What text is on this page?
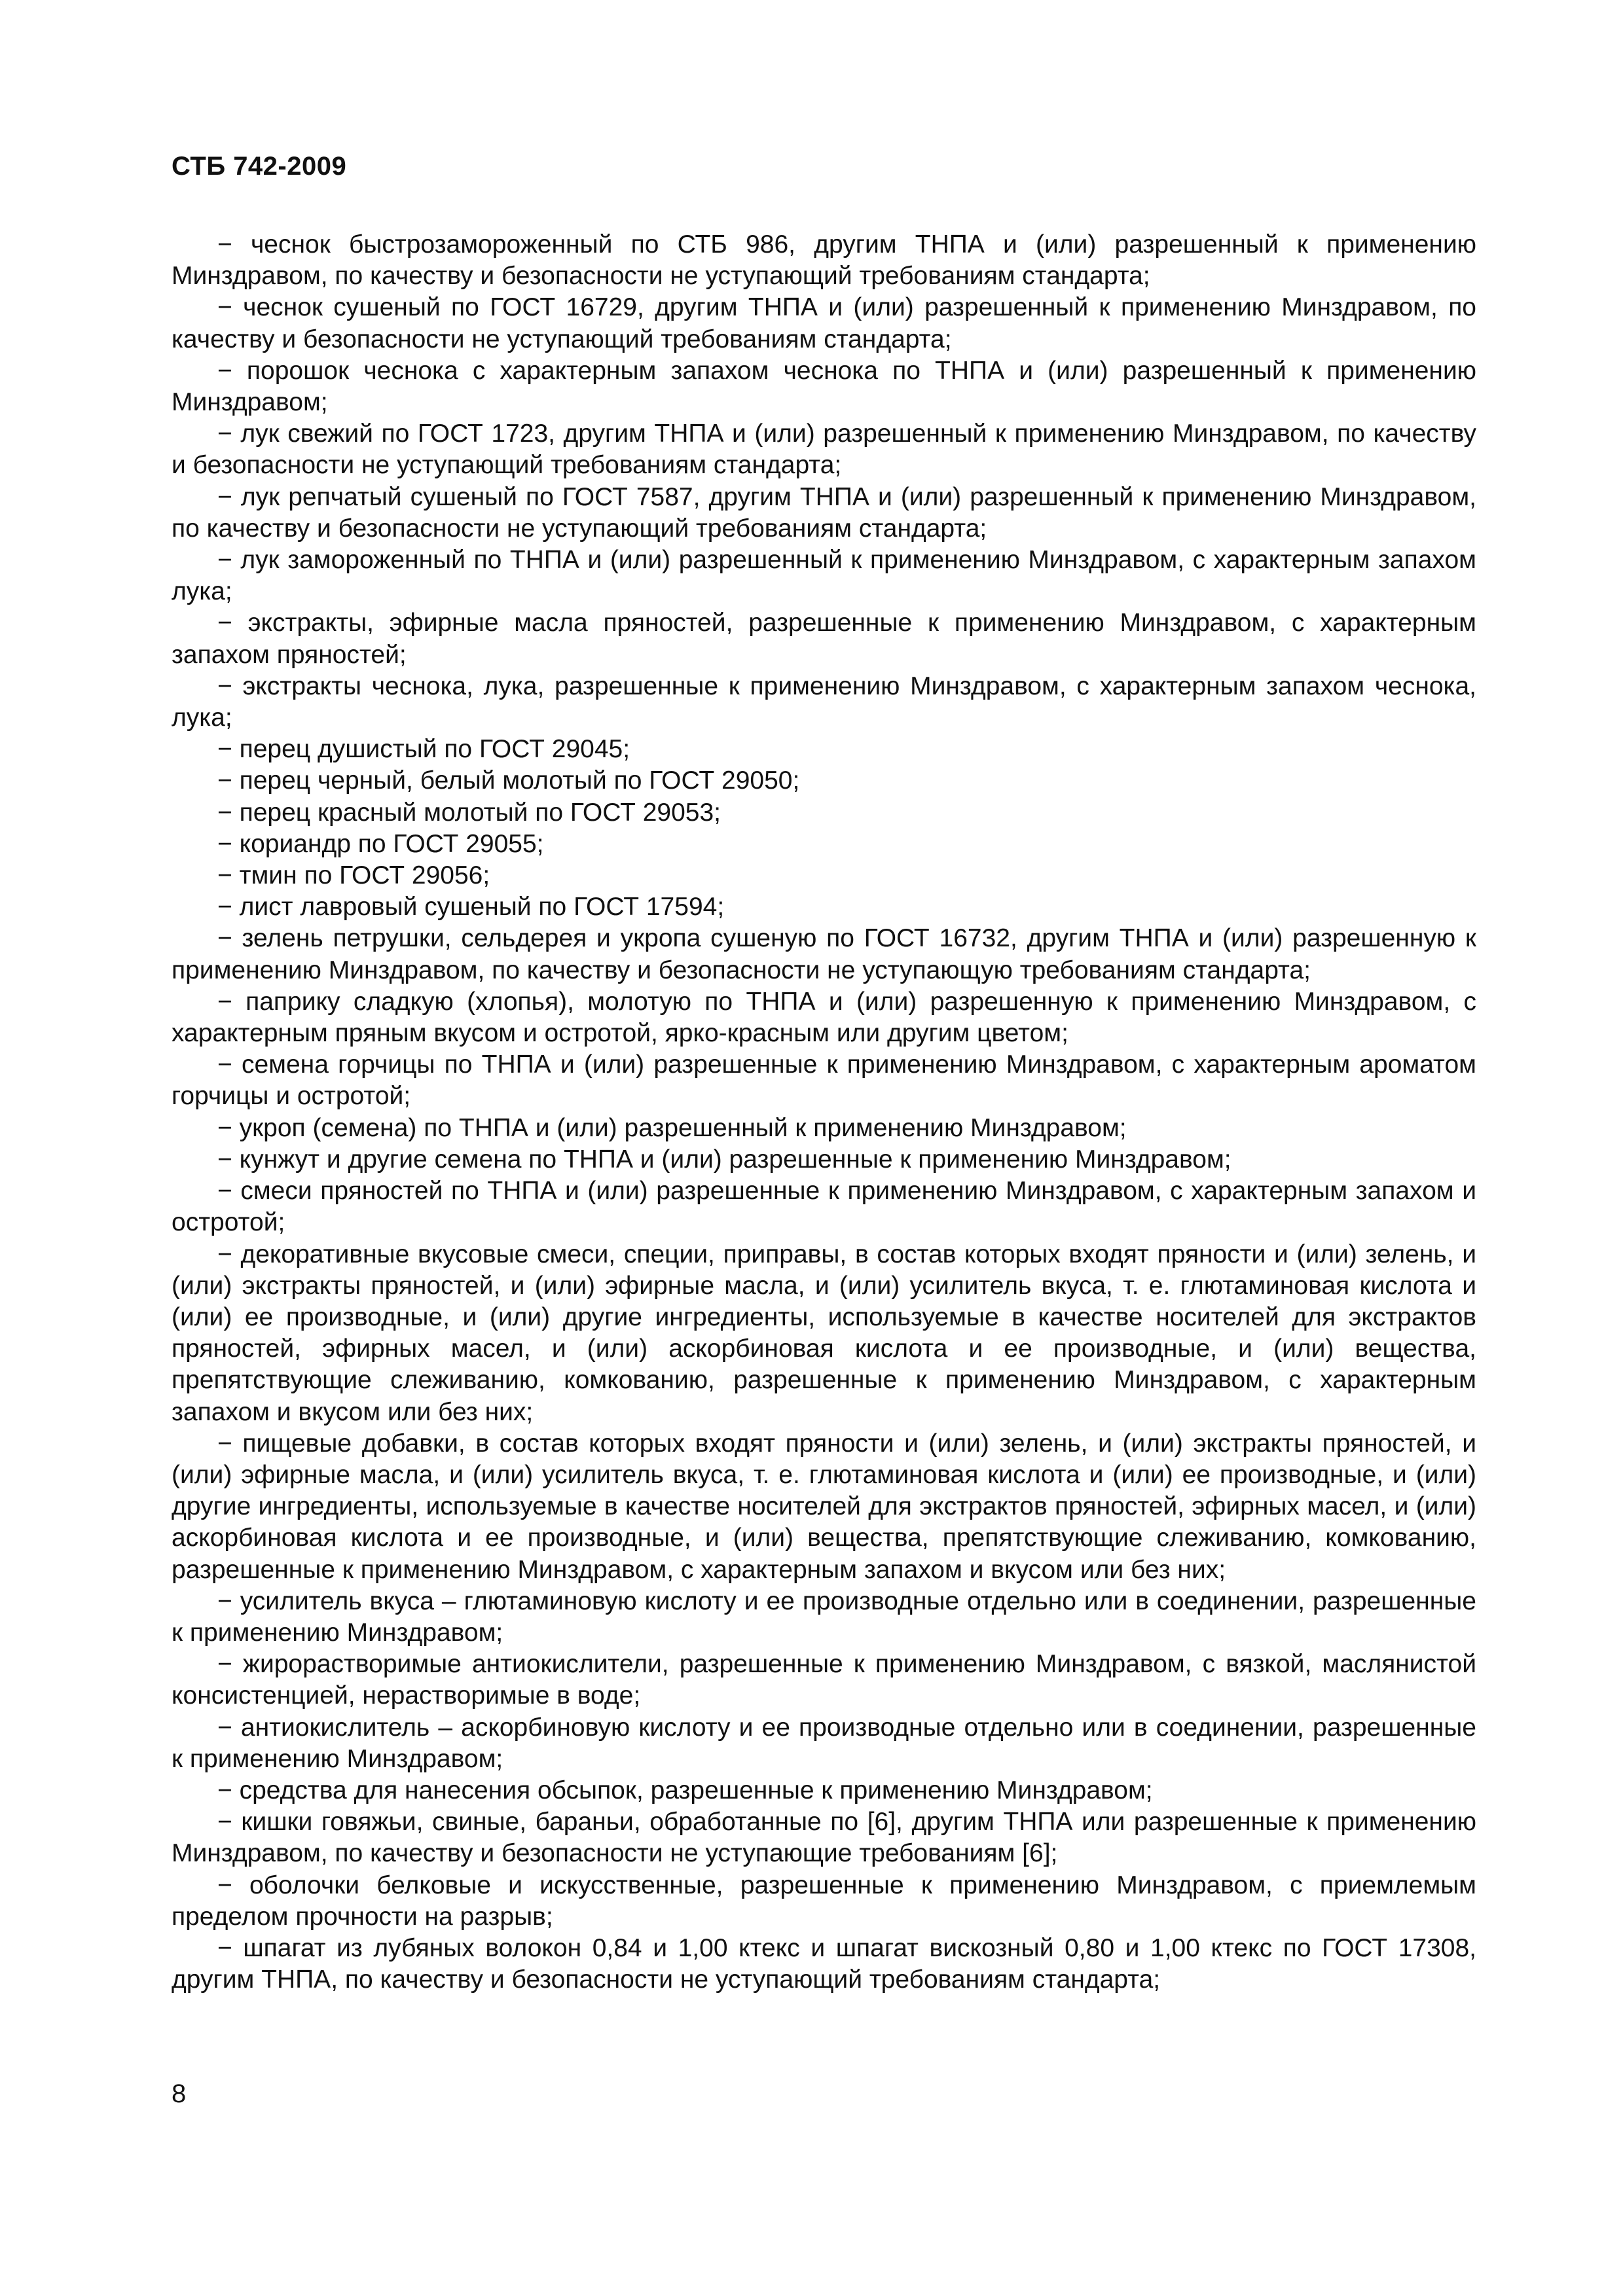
СТБ 742-2009

− чеснок быстрозамороженный по СТБ 986, другим ТНПА и (или) разрешенный к применению Минздравом, по качеству и безопасности не уступающий требованиям стандарта;

− чеснок сушеный по ГОСТ 16729, другим ТНПА и (или) разрешенный к применению Минздравом, по качеству и безопасности не уступающий требованиям стандарта;

− порошок чеснока с характерным запахом чеснока по ТНПА и (или) разрешенный к применению Минздравом;

− лук свежий по ГОСТ 1723, другим ТНПА и (или) разрешенный к применению Минздравом, по качеству и безопасности не уступающий требованиям стандарта;

− лук репчатый сушеный по ГОСТ 7587, другим ТНПА и (или) разрешенный к применению Минздравом, по качеству и безопасности не уступающий требованиям стандарта;

− лук замороженный по ТНПА и (или) разрешенный к применению Минздравом, с характерным запахом лука;

− экстракты, эфирные масла пряностей, разрешенные к применению Минздравом, с характерным запахом пряностей;

− экстракты чеснока, лука, разрешенные к применению Минздравом, с характерным запахом чеснока, лука;

− перец душистый по ГОСТ 29045;

− перец черный, белый молотый по ГОСТ 29050;

− перец красный молотый по ГОСТ 29053;

− кориандр по ГОСТ 29055;

− тмин по ГОСТ 29056;

− лист лавровый сушеный по ГОСТ 17594;

− зелень петрушки, сельдерея и укропа сушеную по ГОСТ 16732, другим ТНПА и (или) разрешенную к применению Минздравом, по качеству и безопасности не уступающую требованиям стандарта;

− паприку сладкую (хлопья), молотую по ТНПА и (или) разрешенную к применению Минздравом, с характерным пряным вкусом и остротой, ярко-красным или другим цветом;

− семена горчицы по ТНПА и (или) разрешенные к применению Минздравом, с характерным ароматом горчицы и остротой;

− укроп (семена) по ТНПА и (или) разрешенный к применению Минздравом;

− кунжут и другие семена по ТНПА и (или) разрешенные к применению Минздравом;

− смеси пряностей по ТНПА и (или) разрешенные к применению Минздравом, с характерным запахом и остротой;

− декоративные вкусовые смеси, специи, приправы, в состав которых входят пряности и (или) зелень, и (или) экстракты пряностей, и (или) эфирные масла, и (или) усилитель вкуса, т. е. глютаминовая кислота и (или) ее производные, и (или) другие ингредиенты, используемые в качестве носителей для экстрактов пряностей, эфирных масел, и (или) аскорбиновая кислота и ее производные, и (или) вещества, препятствующие слеживанию, комкованию, разрешенные к применению Минздравом, с характерным запахом и вкусом или без них;

− пищевые добавки, в состав которых входят пряности и (или) зелень, и (или) экстракты пряностей, и (или) эфирные масла, и (или) усилитель вкуса, т. е. глютаминовая кислота и (или) ее производные, и (или) другие ингредиенты, используемые в качестве носителей для экстрактов пряностей, эфирных масел, и (или) аскорбиновая кислота и ее производные, и (или) вещества, препятствующие слеживанию, комкованию, разрешенные к применению Минздравом, с характерным запахом и вкусом или без них;

− усилитель вкуса – глютаминовую кислоту и ее производные отдельно или в соединении, разрешенные к применению Минздравом;

− жирорастворимые антиокислители, разрешенные к применению Минздравом, с вязкой, маслянистой консистенцией, нерастворимые в воде;

− антиокислитель – аскорбиновую кислоту и ее производные отдельно или в соединении, разрешенные к применению Минздравом;

− средства для нанесения обсыпок, разрешенные к применению Минздравом;

− кишки говяжьи, свиные, бараньи, обработанные по [6], другим ТНПА или разрешенные к применению Минздравом, по качеству и безопасности не уступающие требованиям [6];

− оболочки белковые и искусственные, разрешенные к применению Минздравом, с приемлемым пределом прочности на разрыв;

− шпагат из лубяных волокон 0,84 и 1,00 ктекс и шпагат вискозный 0,80 и 1,00 ктекс по ГОСТ 17308, другим ТНПА, по качеству и безопасности не уступающий требованиям стандарта;

8
